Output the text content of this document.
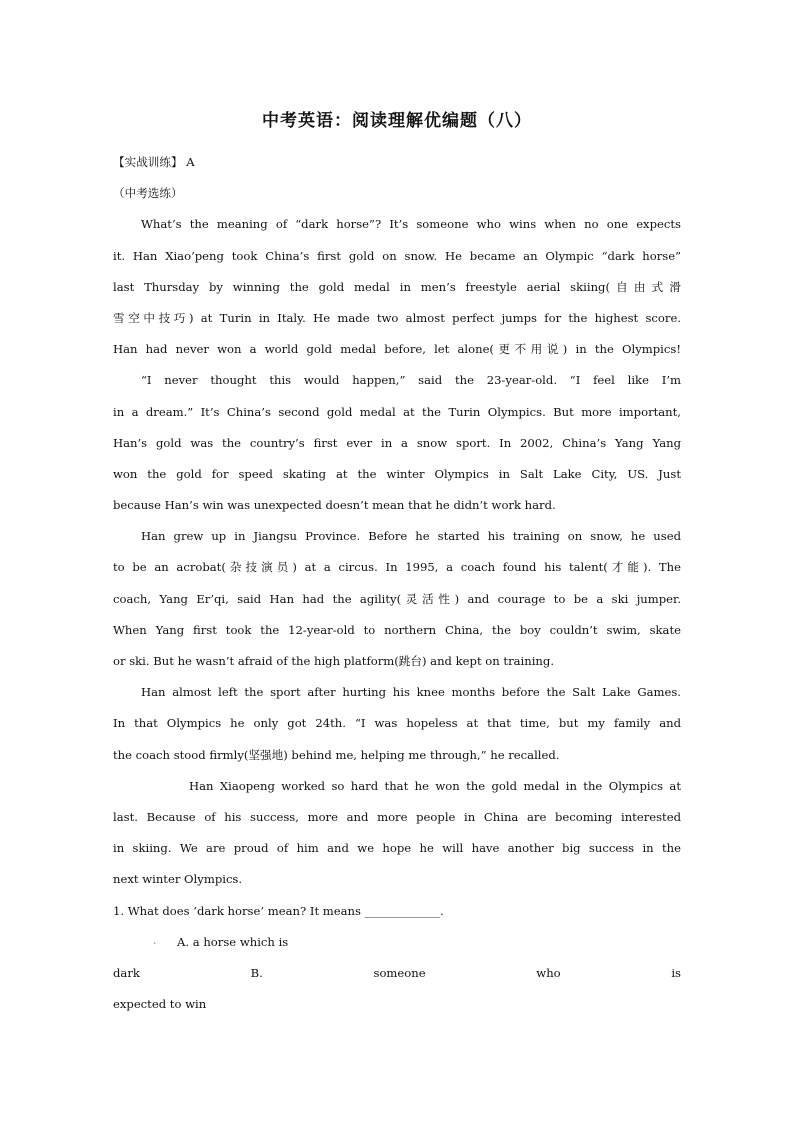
中考英语：阅读理解优编题（八）
【实战训练】 A
（中考选练）
What’s the meaning of “dark horse”? It’s someone who wins when no one expects
it. Han Xiao’peng took China’s first gold on snow. He became an Olympic “dark horse”
last Thursday by winning the gold medal in men’s freestyle aerial skiing(自由式滑
雪空中技巧) at Turin in Italy. He made two almost perfect jumps for the highest score.
Han had never won a world gold medal before, let alone(更不用说) in the Olympics!
“I never thought this would happen,” said the 23-year-old. “I feel like I’m
in a dream.” It’s China’s second gold medal at the Turin Olympics. But more important,
Han’s gold was the country’s first ever in a snow sport. In 2002, China’s Yang Yang
won the gold for speed skating at the winter Olympics in Salt Lake City, US. Just
because Han’s win was unexpected doesn’t mean that he didn’t work hard.
Han grew up in Jiangsu Province. Before he started his training on snow, he used
to be an acrobat(杂技演员) at a circus. In 1995, a coach found his talent(才能). The
coach, Yang Er’qi, said Han had the agility(灵活性) and courage to be a ski jumper.
When Yang first took the 12-year-old to northern China, the boy couldn’t swim, skate
or ski. But he wasn’t afraid of the high platform(跳台) and kept on training.
Han almost left the sport after hurting his knee months before the Salt Lake Games.
In that Olympics he only got 24th. “I was hopeless at that time, but my family and
the coach stood firmly(坚强地) behind me, helping me through,” he recalled.
Han Xiaopeng worked so hard that he won the gold medal in the Olympics at
last. Because of his success, more and more people in China are becoming interested
in skiing. We are proud of him and we hope he will have another big success in the
next winter Olympics.
1. What does ‘dark horse’ mean? It means _____________.
. A. a horse which is
dark	B. someone who is
expected to win
